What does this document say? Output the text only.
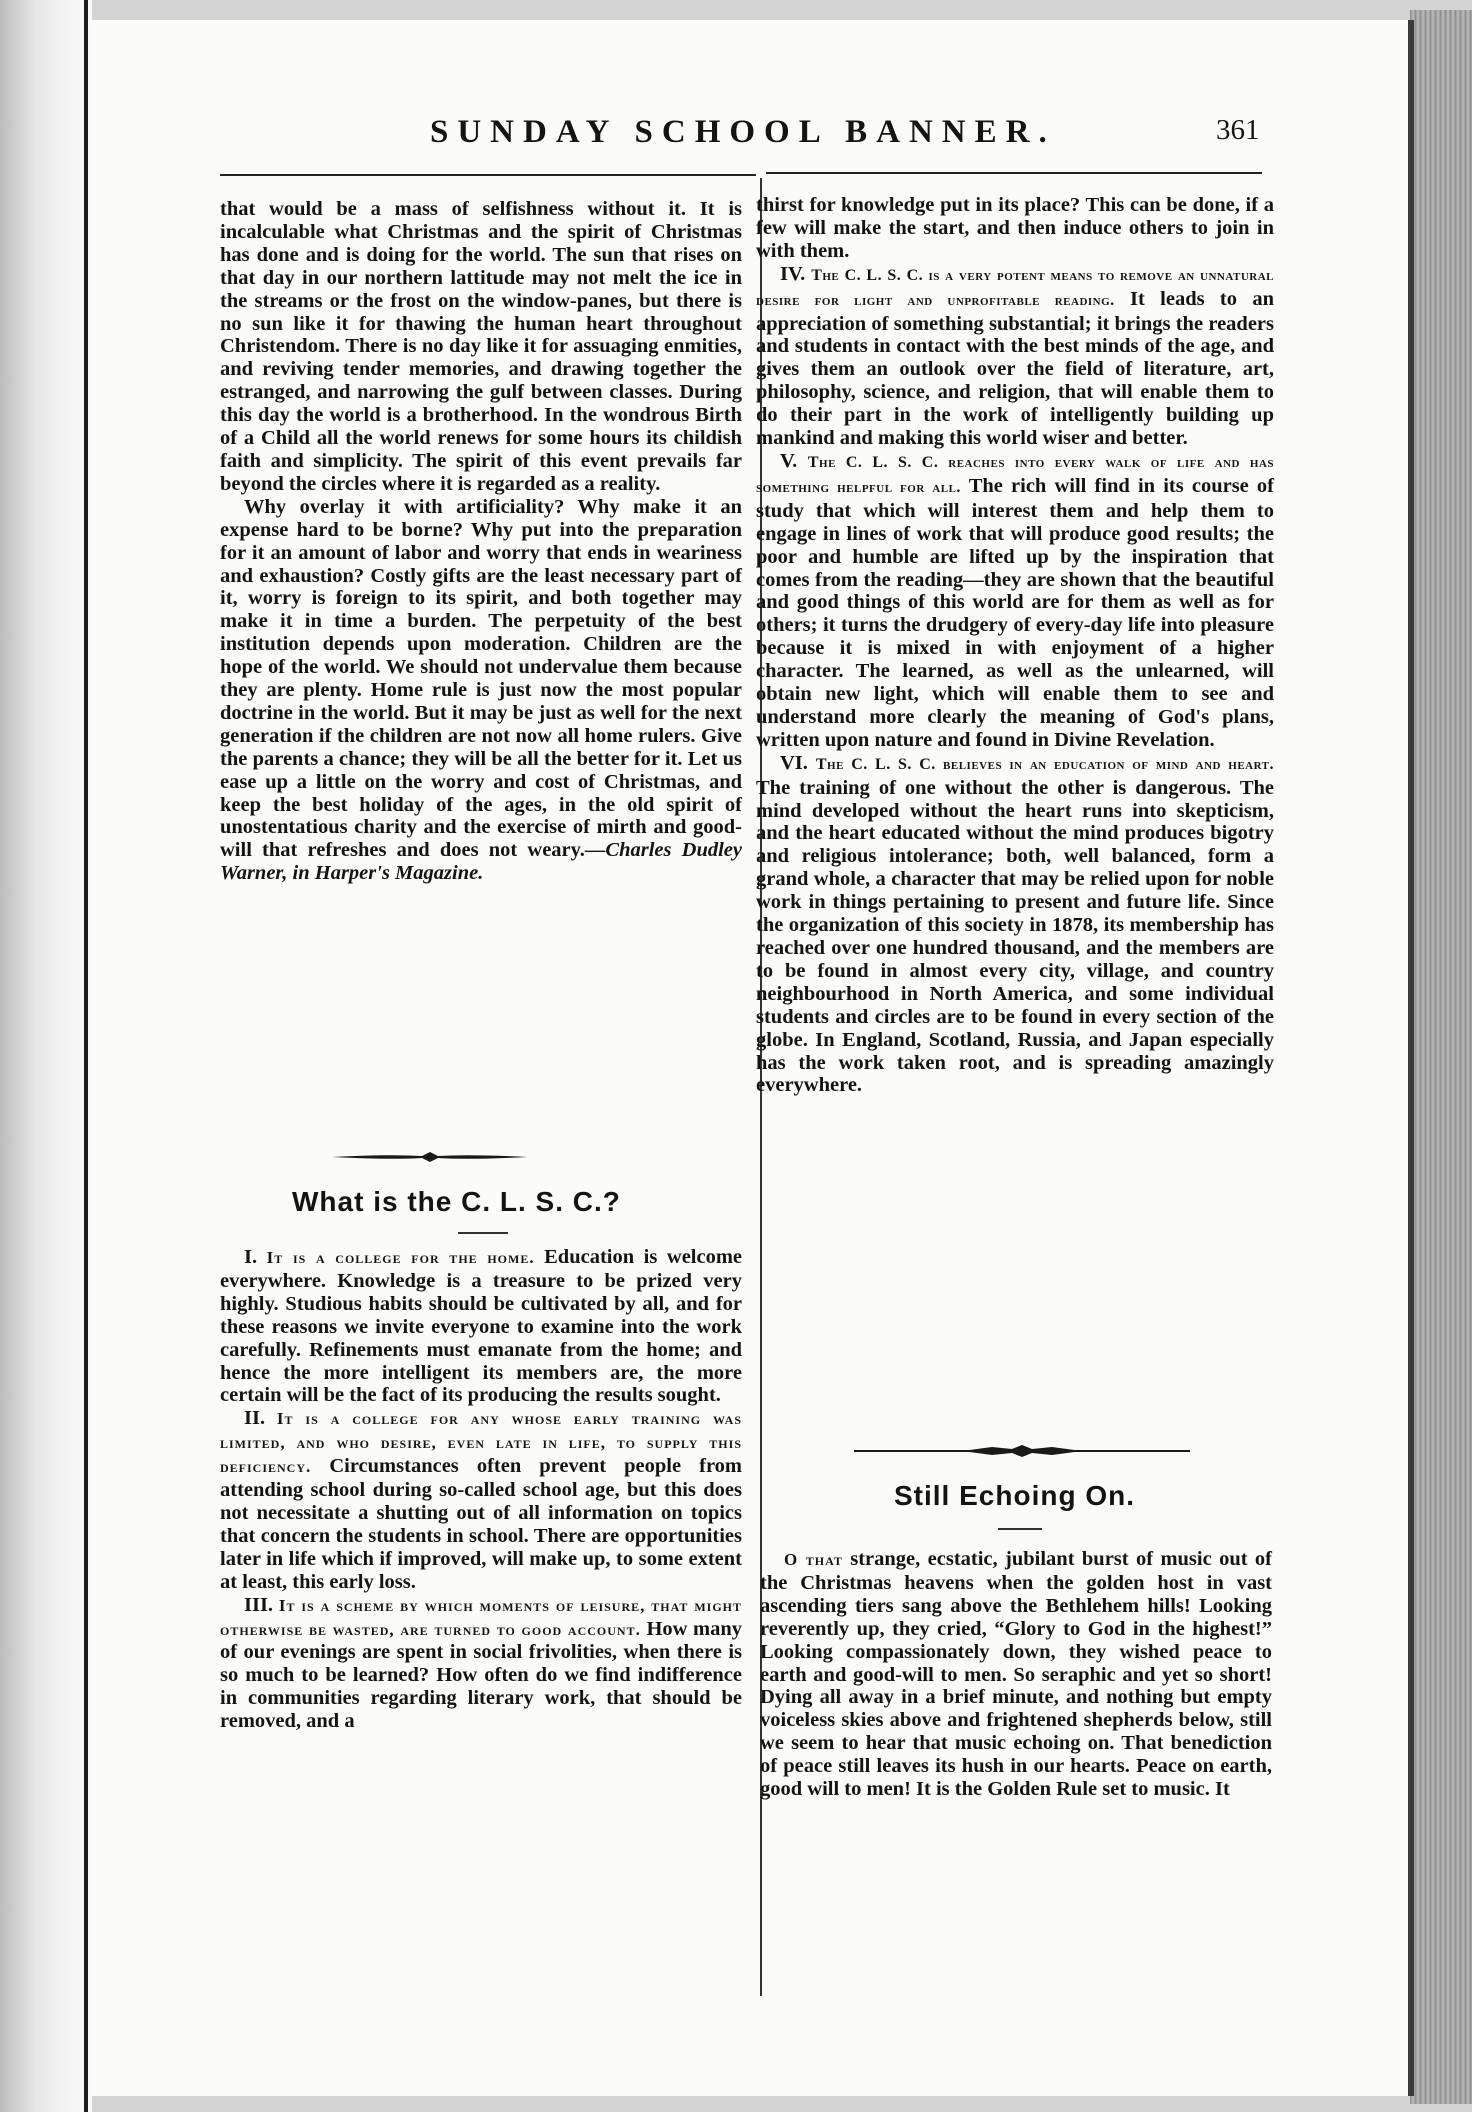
SUNDAY SCHOOL BANNER.	361

that would be a mass of selfishness without it. It is incalculable what Christmas and the spirit of Christmas has done and is doing for the world. The sun that rises on that day in our northern lattitude may not melt the ice in the streams or the frost on the window-panes, but there is no sun like it for thawing the human heart throughout Christendom. There is no day like it for assuaging enmities, and reviving tender memories, and drawing together the estranged, and narrowing the gulf between classes. During this day the world is a brotherhood. In the wondrous Birth of a Child all the world renews for some hours its childish faith and simplicity. The spirit of this event prevails far beyond the circles where it is regarded as a reality.

Why overlay it with artificiality? Why make it an expense hard to be borne? Why put into the preparation for it an amount of labor and worry that ends in weariness and exhaustion? Costly gifts are the least necessary part of it, worry is foreign to its spirit, and both together may make it in time a burden. The perpetuity of the best institution depends upon moderation. Children are the hope of the world. We should not undervalue them because they are plenty. Home rule is just now the most popular doctrine in the world. But it may be just as well for the next generation if the children are not now all home rulers. Give the parents a chance; they will be all the better for it. Let us ease up a little on the worry and cost of Christmas, and keep the best holiday of the ages, in the old spirit of unostentatious charity and the exercise of mirth and good-will that refreshes and does not weary.—Charles Dudley Warner, in Harper's Magazine.

What is the C. L. S. C.?

I. It is a college for the home. Education is welcome everywhere. Knowledge is a treasure to be prized very highly. Studious habits should be cultivated by all, and for these reasons we invite everyone to examine into the work carefully. Refinements must emanate from the home; and hence the more intelligent its members are, the more certain will be the fact of its producing the results sought.

II. It is a college for any whose early training was limited, and who desire, even late in life, to supply this deficiency. Circumstances often prevent people from attending school during so-called school age, but this does not necessitate a shutting out of all information on topics that concern the students in school. There are opportunities later in life which if improved, will make up, to some extent at least, this early loss.

III. It is a scheme by which moments of leisure, that might otherwise be wasted, are turned to good account. How many of our evenings are spent in social frivolities, when there is so much to be learned? How often do we find indifference in communities regarding literary work, that should be removed, and a

thirst for knowledge put in its place? This can be done, if a few will make the start, and then induce others to join in with them.

IV. The C. L. S. C. is a very potent means to remove an unnatural desire for light and unprofitable reading. It leads to an appreciation of something substantial; it brings the readers and students in contact with the best minds of the age, and gives them an outlook over the field of literature, art, philosophy, science, and religion, that will enable them to do their part in the work of intelligently building up mankind and making this world wiser and better.

V. The C. L. S. C. reaches into every walk of life and has something helpful for all. The rich will find in its course of study that which will interest them and help them to engage in lines of work that will produce good results; the poor and humble are lifted up by the inspiration that comes from the reading—they are shown that the beautiful and good things of this world are for them as well as for others; it turns the drudgery of every-day life into pleasure because it is mixed in with enjoyment of a higher character. The learned, as well as the unlearned, will obtain new light, which will enable them to see and understand more clearly the meaning of God's plans, written upon nature and found in Divine Revelation.

VI. The C. L. S. C. believes in an education of mind and heart. The training of one without the other is dangerous. The mind developed without the heart runs into skepticism, and the heart educated without the mind produces bigotry and religious intolerance; both, well balanced, form a grand whole, a character that may be relied upon for noble work in things pertaining to present and future life. Since the organization of this society in 1878, its membership has reached over one hundred thousand, and the members are to be found in almost every city, village, and country neighbourhood in North America, and some individual students and circles are to be found in every section of the globe. In England, Scotland, Russia, and Japan especially has the work taken root, and is spreading amazingly everywhere.

Still Echoing On.

O that strange, ecstatic, jubilant burst of music out of the Christmas heavens when the golden host in vast ascending tiers sang above the Bethlehem hills! Looking reverently up, they cried, “Glory to God in the highest!” Looking compassionately down, they wished peace to earth and good-will to men. So seraphic and yet so short! Dying all away in a brief minute, and nothing but empty voiceless skies above and frightened shepherds below, still we seem to hear that music echoing on. That benediction of peace still leaves its hush in our hearts. Peace on earth, good will to men! It is the Golden Rule set to music. It
